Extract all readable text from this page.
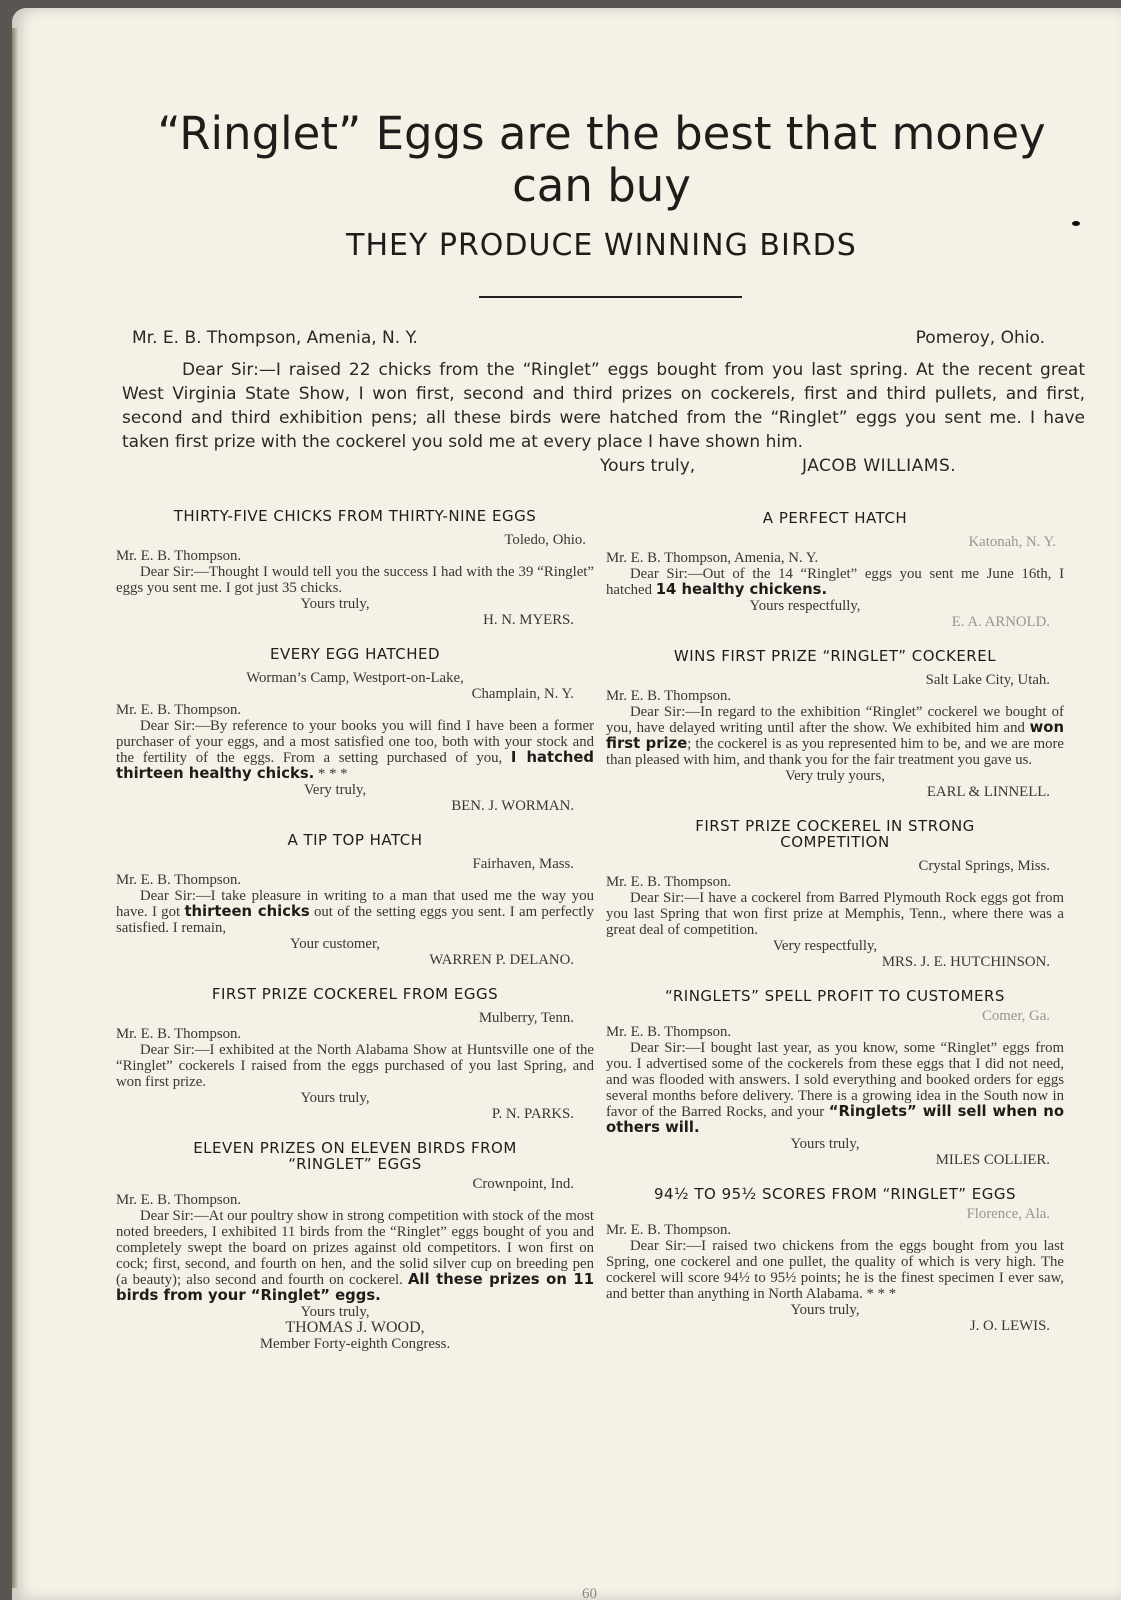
“Ringlet” Eggs are the best that money
can buy
THEY PRODUCE WINNING BIRDS
Mr. E. B. Thompson, Amenia, N. Y.	Pomeroy, Ohio.

Dear Sir:—I raised 22 chicks from the “Ringlet” eggs bought from you last spring. At the recent great West Virginia State Show, I won first, second and third prizes on cockerels, first and third pullets, and first, second and third exhibition pens; all these birds were hatched from the “Ringlet” eggs you sent me. I have taken first prize with the cockerel you sold me at every place I have shown him.

Yours truly,	JACOB WILLIAMS.
THIRTY-FIVE CHICKS FROM THIRTY-NINE EGGS
Toledo, Ohio.
Mr. E. B. Thompson.
Dear Sir:—Thought I would tell you the success I had with the 39 “Ringlet” eggs you sent me. I got just 35 chicks.
Yours truly,
H. N. MYERS.
EVERY EGG HATCHED
Worman’s Camp, Westport-on-Lake,
Champlain, N. Y.
Mr. E. B. Thompson.
Dear Sir:—By reference to your books you will find I have been a former purchaser of your eggs, and a most satisfied one too, both with your stock and the fertility of the eggs. From a setting purchased of you, I hatched thirteen healthy chicks. * * *
Very truly,
BEN. J. WORMAN.
A TIP TOP HATCH
Fairhaven, Mass.
Mr. E. B. Thompson.
Dear Sir:—I take pleasure in writing to a man that used me the way you have. I got thirteen chicks out of the setting eggs you sent. I am perfectly satisfied. I remain,
Your customer,
WARREN P. DELANO.
FIRST PRIZE COCKEREL FROM EGGS
Mulberry, Tenn.
Mr. E. B. Thompson.
Dear Sir:—I exhibited at the North Alabama Show at Huntsville one of the “Ringlet” cockerels I raised from the eggs purchased of you last Spring, and won first prize.
Yours truly,
P. N. PARKS.
ELEVEN PRIZES ON ELEVEN BIRDS FROM
“RINGLET” EGGS
Crownpoint, Ind.
Mr. E. B. Thompson.
Dear Sir:—At our poultry show in strong competition with stock of the most noted breeders, I exhibited 11 birds from the “Ringlet” eggs bought of you and completely swept the board on prizes against old competitors. I won first on cock; first, second, and fourth on hen, and the solid silver cup on breeding pen (a beauty); also second and fourth on cockerel. All these prizes on 11 birds from your “Ringlet” eggs.
Yours truly,
THOMAS J. WOOD,
Member Forty-eighth Congress.
A PERFECT HATCH
Katonah, N. Y.
Mr. E. B. Thompson, Amenia, N. Y.
Dear Sir:—Out of the 14 “Ringlet” eggs you sent me June 16th, I hatched 14 healthy chickens.
Yours respectfully,
E. A. ARNOLD.
WINS FIRST PRIZE “RINGLET” COCKEREL
Salt Lake City, Utah.
Mr. E. B. Thompson.
Dear Sir:—In regard to the exhibition “Ringlet” cockerel we bought of you, have delayed writing until after the show. We exhibited him and won first prize; the cockerel is as you represented him to be, and we are more than pleased with him, and thank you for the fair treatment you gave us.
Very truly yours,
EARL & LINNELL.
FIRST PRIZE COCKEREL IN STRONG
COMPETITION
Crystal Springs, Miss.
Mr. E. B. Thompson.
Dear Sir:—I have a cockerel from Barred Plymouth Rock eggs got from you last Spring that won first prize at Memphis, Tenn., where there was a great deal of competition.
Very respectfully,
MRS. J. E. HUTCHINSON.
“RINGLETS” SPELL PROFIT TO CUSTOMERS
Comer, Ga.
Mr. E. B. Thompson.
Dear Sir:—I bought last year, as you know, some “Ringlet” eggs from you. I advertised some of the cockerels from these eggs that I did not need, and was flooded with answers. I sold everything and booked orders for eggs several months before delivery. There is a growing idea in the South now in favor of the Barred Rocks, and your “Ringlets” will sell when no others will.
Yours truly,
MILES COLLIER.
94½ TO 95½ SCORES FROM “RINGLET” EGGS
Florence, Ala.
Mr. E. B. Thompson.
Dear Sir:—I raised two chickens from the eggs bought from you last Spring, one cockerel and one pullet, the quality of which is very high. The cockerel will score 94½ to 95½ points; he is the finest specimen I ever saw, and better than anything in North Alabama. * * *
Yours truly,
J. O. LEWIS.
60
